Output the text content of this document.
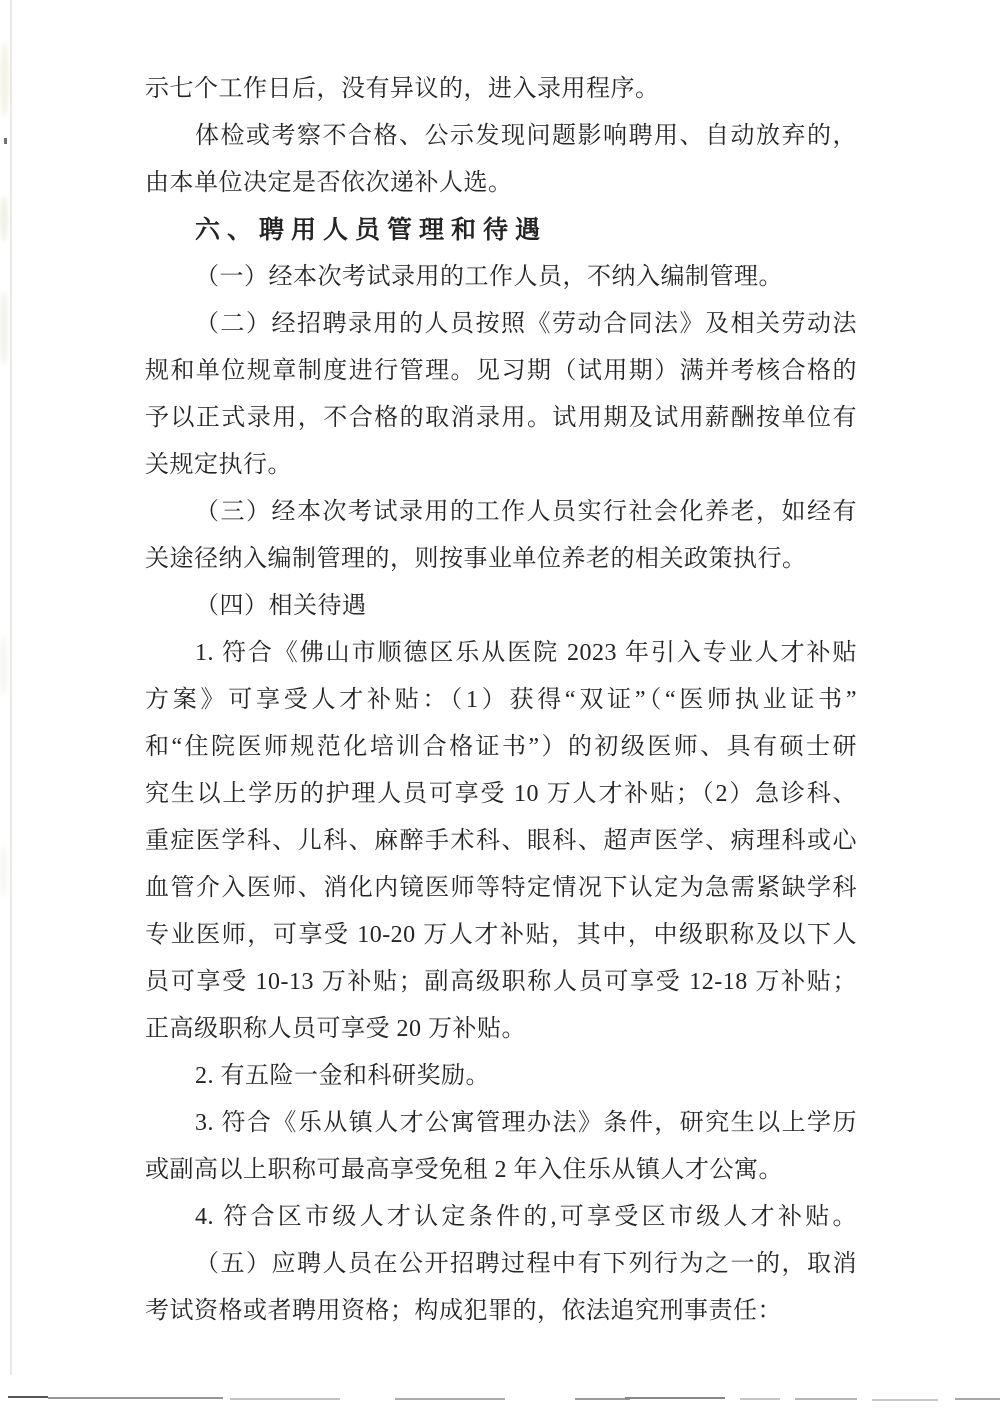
示七个工作日后，没有异议的，进入录用程序。
体检或考察不合格、公示发现问题影响聘用、自动放弃的，
由本单位决定是否依次递补人选。
六、聘用人员管理和待遇
（一）经本次考试录用的工作人员，不纳入编制管理。
（二）经招聘录用的人员按照《劳动合同法》及相关劳动法
规和单位规章制度进行管理。见习期（试用期）满并考核合格的
予以正式录用，不合格的取消录用。试用期及试用薪酬按单位有
关规定执行。
（三）经本次考试录用的工作人员实行社会化养老，如经有
关途径纳入编制管理的，则按事业单位养老的相关政策执行。
（四）相关待遇
1. 符合《佛山市顺德区乐从医院 2023 年引入专业人才补贴
方案》可享受人才补贴：（1）获得“双证”（“医师执业证书”
和“住院医师规范化培训合格证书”）的初级医师、具有硕士研
究生以上学历的护理人员可享受 10 万人才补贴；（2）急诊科、
重症医学科、儿科、麻醉手术科、眼科、超声医学、病理科或心
血管介入医师、消化内镜医师等特定情况下认定为急需紧缺学科
专业医师，可享受 10-20 万人才补贴，其中，中级职称及以下人
员可享受 10-13 万补贴；副高级职称人员可享受 12-18 万补贴；
正高级职称人员可享受 20 万补贴。
2. 有五险一金和科研奖励。
3. 符合《乐从镇人才公寓管理办法》条件，研究生以上学历
或副高以上职称可最高享受免租 2 年入住乐从镇人才公寓。
4. 符合区市级人才认定条件的,可享受区市级人才补贴。
（五）应聘人员在公开招聘过程中有下列行为之一的，取消
考试资格或者聘用资格；构成犯罪的，依法追究刑事责任：
